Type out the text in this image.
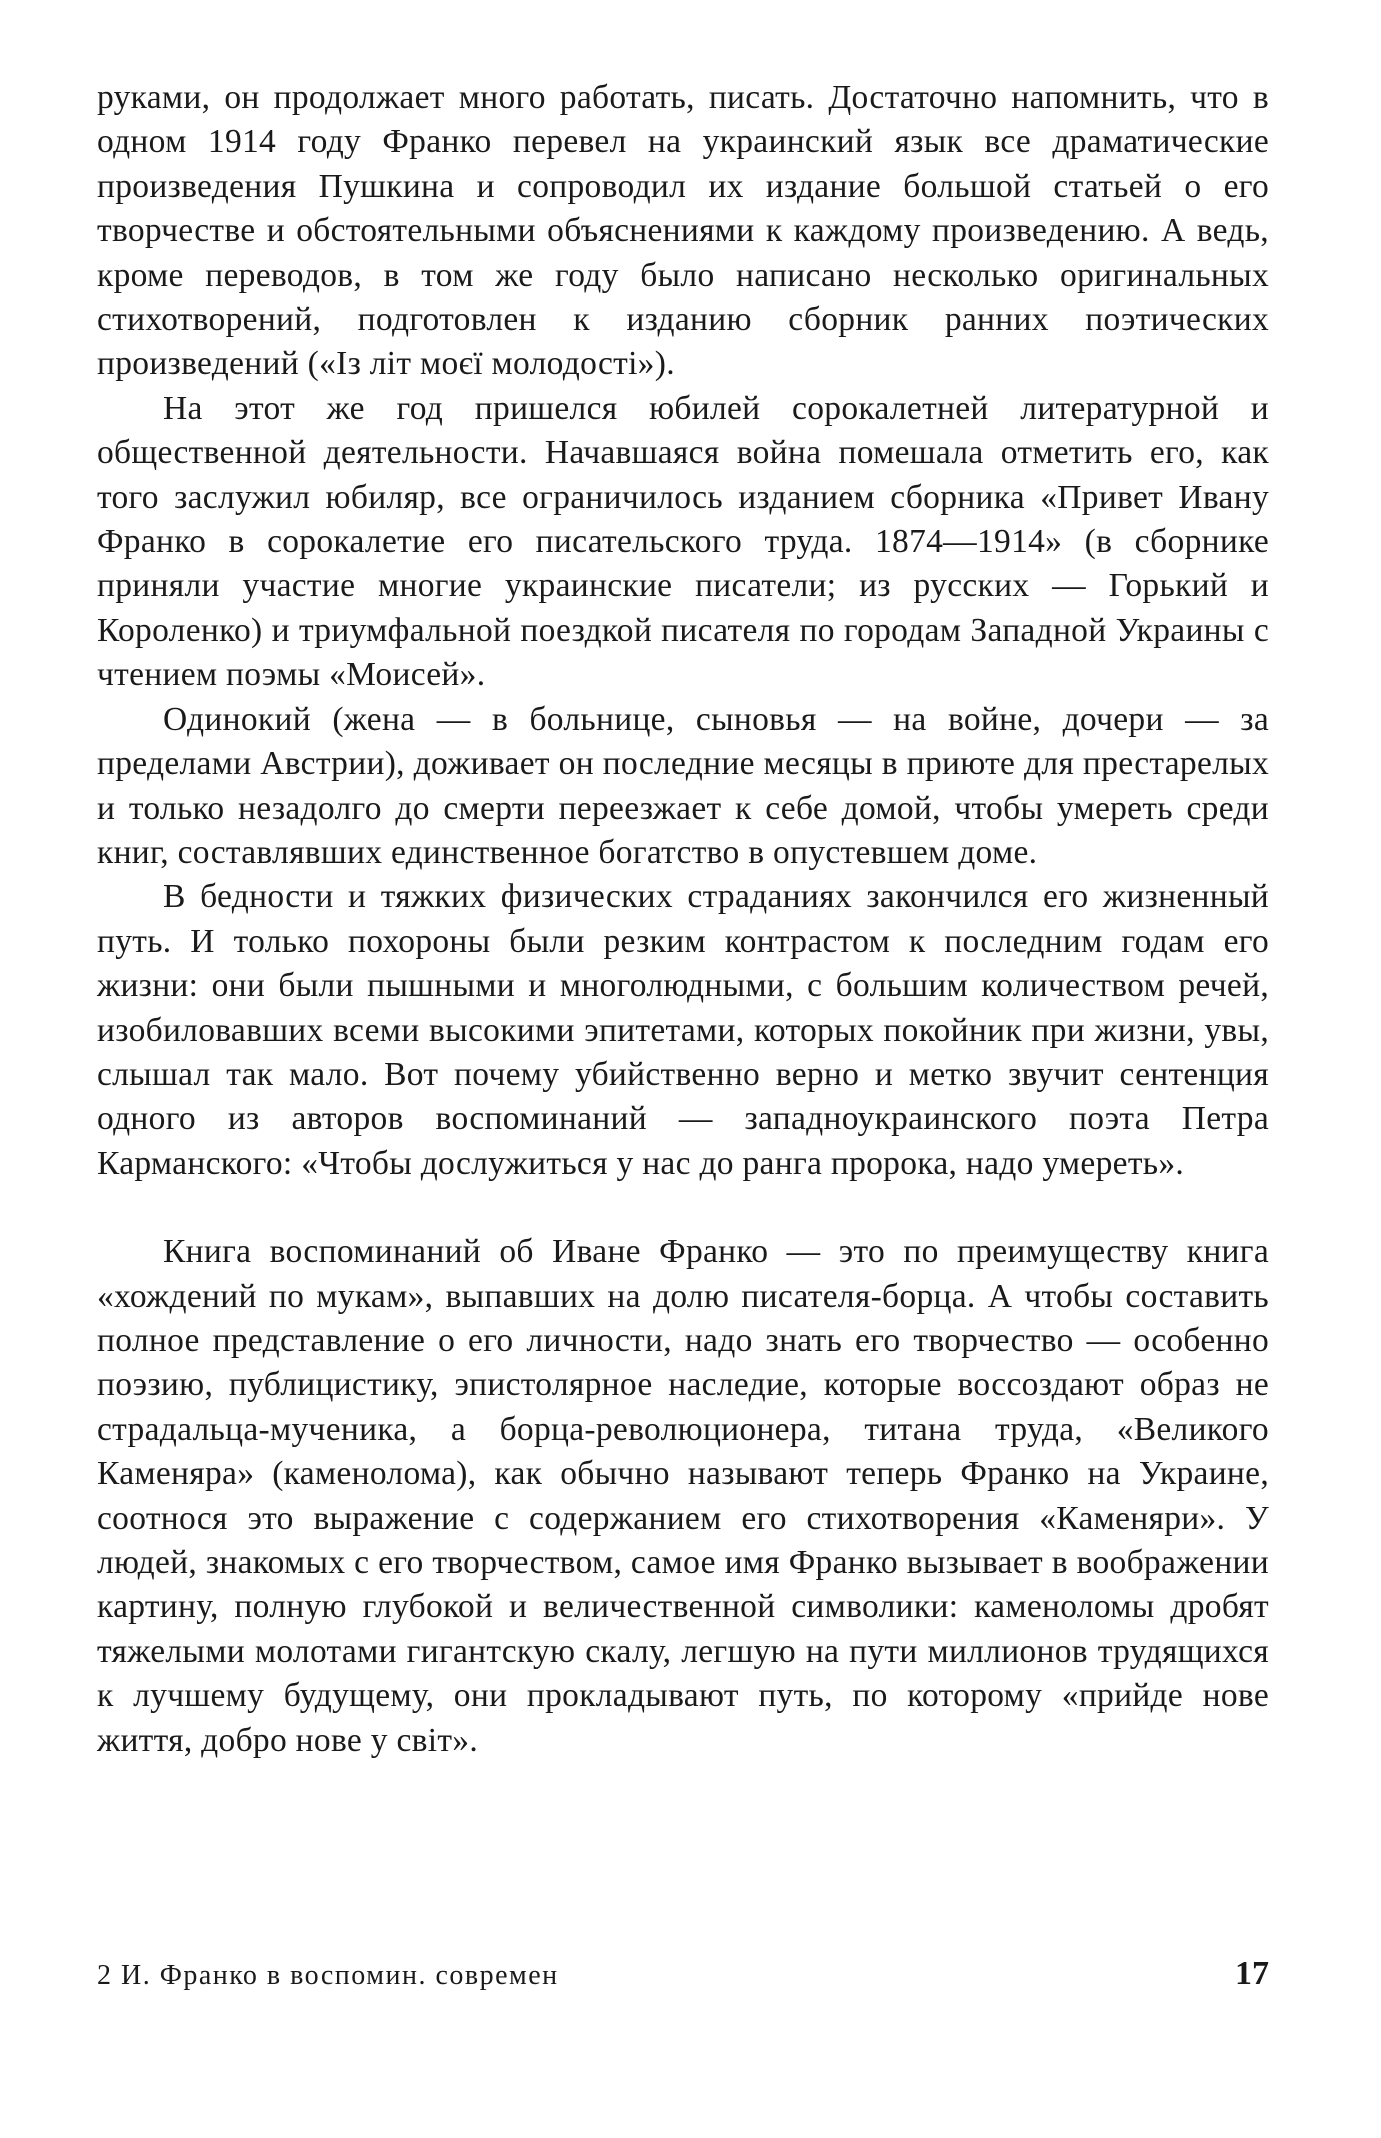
руками, он продолжает много работать, писать. Достаточно напомнить, что в одном 1914 году Франко перевел на украинский язык все драматические произведения Пушкина и сопроводил их издание большой статьей о его творчестве и обстоятельными объяснениями к каждому произведению. А ведь, кроме переводов, в том же году было написано несколько оригинальных стихотворений, подготовлен к изданию сборник ранних поэтических произведений («Із літ моєї молодості»).

На этот же год пришелся юбилей сорокалетней литературной и общественной деятельности. Начавшаяся война помешала отметить его, как того заслужил юбиляр, все ограничилось изданием сборника «Привет Ивану Франко в сорокалетие его писательского труда. 1874—1914» (в сборнике приняли участие многие украинские писатели; из русских — Горький и Короленко) и триумфальной поездкой писателя по городам Западной Украины с чтением поэмы «Моисей».

Одинокий (жена — в больнице, сыновья — на войне, дочери — за пределами Австрии), доживает он последние месяцы в приюте для престарелых и только незадолго до смерти переезжает к себе домой, чтобы умереть среди книг, составлявших единственное богатство в опустевшем доме.

В бедности и тяжких физических страданиях закончился его жизненный путь. И только похороны были резким контрастом к последним годам его жизни: они были пышными и многолюдными, с большим количеством речей, изобиловавших всеми высокими эпитетами, которых покойник при жизни, увы, слышал так мало. Вот почему убийственно верно и метко звучит сентенция одного из авторов воспоминаний — западноукраинского поэта Петра Карманского: «Чтобы дослужиться у нас до ранга пророка, надо умереть».

Книга воспоминаний об Иване Франко — это по преимуществу книга «хождений по мукам», выпавших на долю писателя-борца. А чтобы составить полное представление о его личности, надо знать его творчество — особенно поэзию, публицистику, эпистолярное наследие, которые воссоздают образ не страдальца-мученика, а борца-революционера, титана труда, «Великого Каменяра» (каменолома), как обычно называют теперь Франко на Украине, соотнося это выражение с содержанием его стихотворения «Каменяри». У людей, знакомых с его творчеством, самое имя Франко вызывает в воображении картину, полную глубокой и величественной символики: каменоломы дробят тяжелыми молотами гигантскую скалу, легшую на пути миллионов трудящихся к лучшему будущему, они прокладывают путь, по которому «прийде нове життя, добро нове у світ».

2 И. Франко в воспомин. современ	17
